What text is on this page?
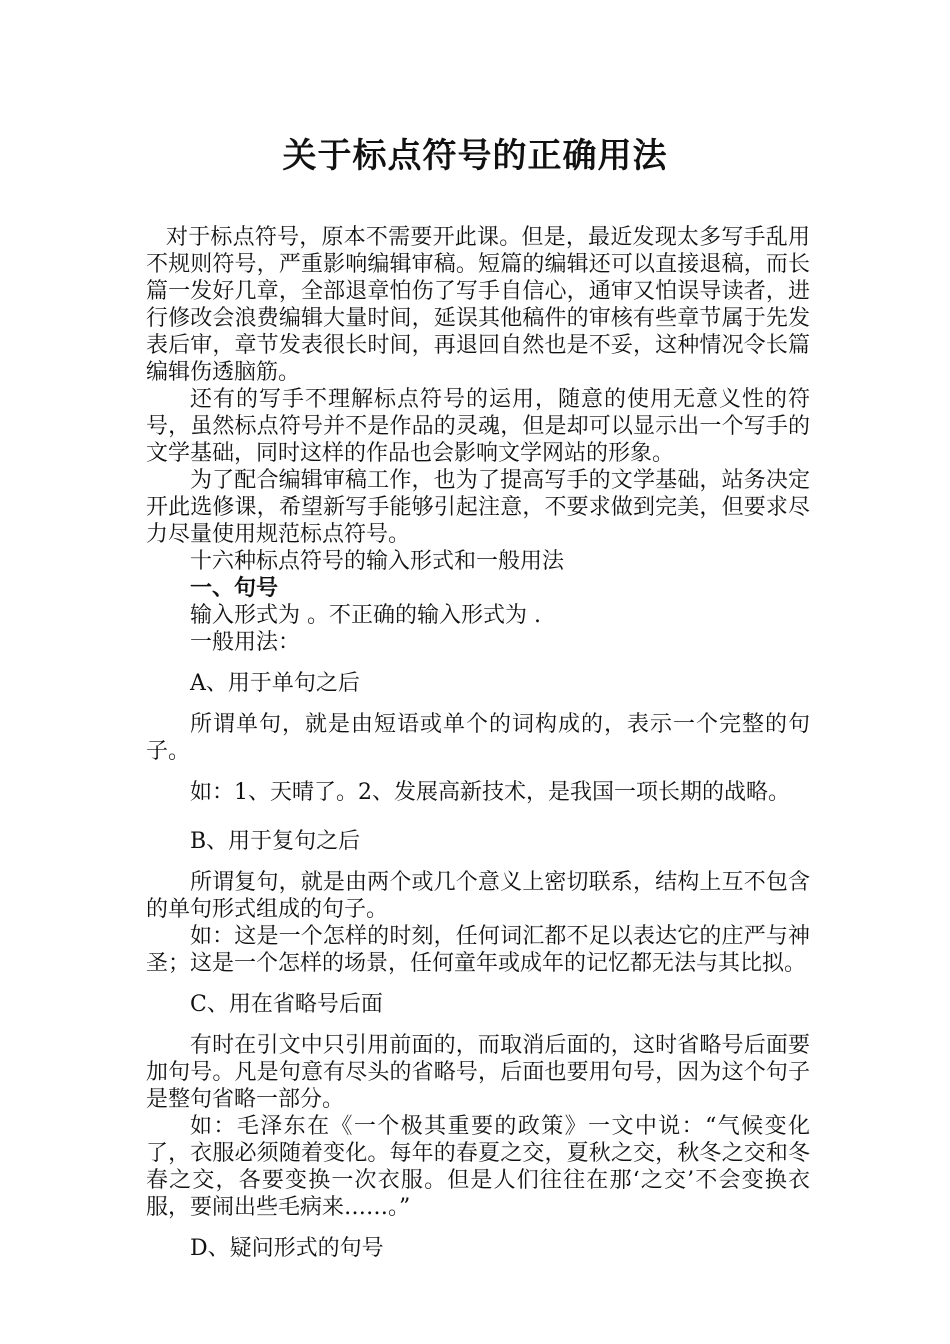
关于标点符号的正确用法

对于标点符号，原本不需要开此课。但是，最近发现太多写手乱用不规则符号，严重影响编辑审稿。短篇的编辑还可以直接退稿，而长篇一发好几章，全部退章怕伤了写手自信心，通审又怕误导读者，进行修改会浪费编辑大量时间，延误其他稿件的审核有些章节属于先发表后审，章节发表很长时间，再退回自然也是不妥，这种情况令长篇编辑伤透脑筋。

还有的写手不理解标点符号的运用，随意的使用无意义性的符号，虽然标点符号并不是作品的灵魂，但是却可以显示出一个写手的文学基础，同时这样的作品也会影响文学网站的形象。

为了配合编辑审稿工作，也为了提高写手的文学基础，站务决定开此选修课，希望新写手能够引起注意，不要求做到完美，但要求尽力尽量使用规范标点符号。

十六种标点符号的输入形式和一般用法

一、句号

输入形式为 。不正确的输入形式为 .

一般用法：

A、用于单句之后

所谓单句，就是由短语或单个的词构成的，表示一个完整的句子。

如：1、天晴了。2、发展高新技术，是我国一项长期的战略。

B、用于复句之后

所谓复句，就是由两个或几个意义上密切联系，结构上互不包含的单句形式组成的句子。

如：这是一个怎样的时刻，任何词汇都不足以表达它的庄严与神圣；这是一个怎样的场景，任何童年或成年的记忆都无法与其比拟。

C、用在省略号后面

有时在引文中只引用前面的，而取消后面的，这时省略号后面要加句号。凡是句意有尽头的省略号，后面也要用句号，因为这个句子是整句省略一部分。

如：毛泽东在《一个极其重要的政策》一文中说：“气候变化了，衣服必须随着变化。每年的春夏之交，夏秋之交，秋冬之交和冬春之交，各要变换一次衣服。但是人们往往在那‘之交’不会变换衣服，要闹出些毛病来……。”

D、疑问形式的句号
